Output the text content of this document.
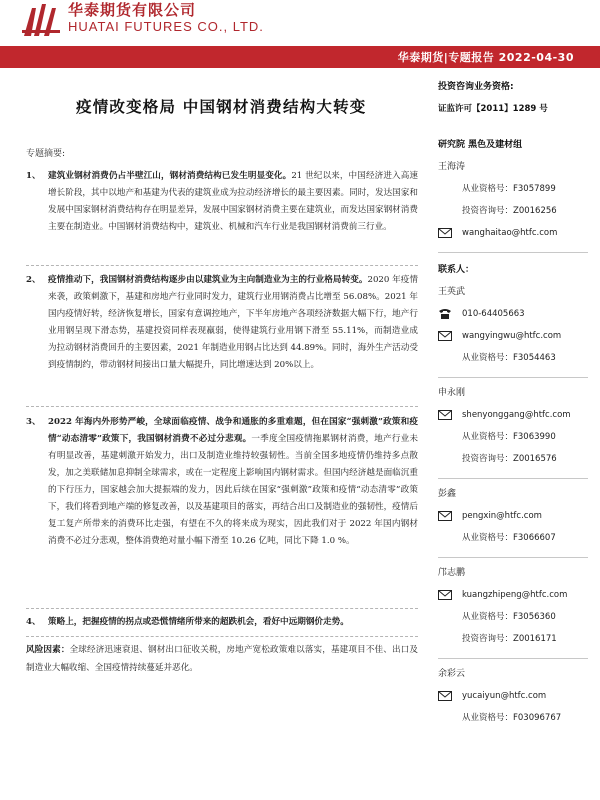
华泰期货有限公司
HUATAI FUTURES CO., LTD.
华泰期货|专题报告 2022-04-30
疫情改变格局 中国钢材消费结构大转变
专题摘要:
1、 建筑业钢材消费仍占半壁江山，钢材消费结构已发生明显变化。21 世纪以来，中国经济进入高速增长阶段，其中以地产和基建为代表的建筑业成为拉动经济增长的最主要因素。同时，发达国家和发展中国家钢材消费结构存在明显差异，发展中国家钢材消费主要在建筑业，而发达国家钢材消费主要在制造业。中国钢材消费结构中，建筑业、机械和汽车行业是我国钢材消费前三行业。
2、 疫情推动下，我国钢材消费结构逐步由以建筑业为主向制造业为主的行业格局转变。2020 年疫情来袭，政策刺激下，基建和房地产行业同时发力，建筑行业用钢消费占比增至 56.08%。2021 年国内疫情好转，经济恢复增长，国家有意调控地产，下半年房地产各项经济数据大幅下行，地产行业用钢呈现下滑态势，基建投资同样表现羸弱，使得建筑行业用钢下滑至 55.11%，而制造业成为拉动钢材消费回升的主要因素，2021 年制造业用钢占比达到 44.89%。同时，海外生产活动受到疫情制约，带动钢材间接出口量大幅提升，同比增速达到 20%以上。
3、 2022 年海内外形势严峻，全球面临疫情、战争和通胀的多重难题，但在国家“强刺激”政策和疫情“动态清零”政策下，我国钢材消费不必过分悲观。一季度全国疫情拖累钢材消费，地产行业未有明显改善，基建刺激开始发力，出口及制造业维持较强韧性。当前全国多地疫情仍维持多点散发，加之美联储加息抑制全球需求，或在一定程度上影响国内钢材需求。但国内经济越是面临沉重的下行压力，国家越会加大提振端的发力，因此后续在国家“强刺激”政策和疫情“动态清零”政策下，我们将看到地产端的修复改善，以及基建项目的落实，再结合出口及制造业的强韧性，疫情后复工复产所带来的消费环比走强，有望在不久的将来成为现实，因此我们对于 2022 年国内钢材消费不必过分悲观，整体消费绝对量小幅下滑至 10.26 亿吨，同比下降 1.0 %。
4、 策略上，把握疫情的拐点或恐慌情绪所带来的超跌机会，看好中远期钢价走势。
风险因素：全球经济迅速衰退、钢材出口征收关税，房地产宽松政策难以落实，基建项目不佳、出口及制造业大幅收缩、全国疫情持续蔓延并恶化。
投资咨询业务资格:
证监许可【2011】1289 号
研究院 黑色及建材组
王海涛
从业资格号：F3057899
投资咨询号：Z0016256
wanghaitao@htfc.com
联系人：
王英武
010-64405663
wangyingwu@htfc.com
从业资格号：F3054463
申永刚
shenyonggang@htfc.com
从业资格号：F3063990
投资咨询号：Z0016576
彭鑫
pengxin@htfc.com
从业资格号：F3066607
邝志鹏
kuangzhipeng@htfc.com
从业资格号：F3056360
投资咨询号：Z0016171
余彩云
yucaiyun@htfc.com
从业资格号：F03096767
